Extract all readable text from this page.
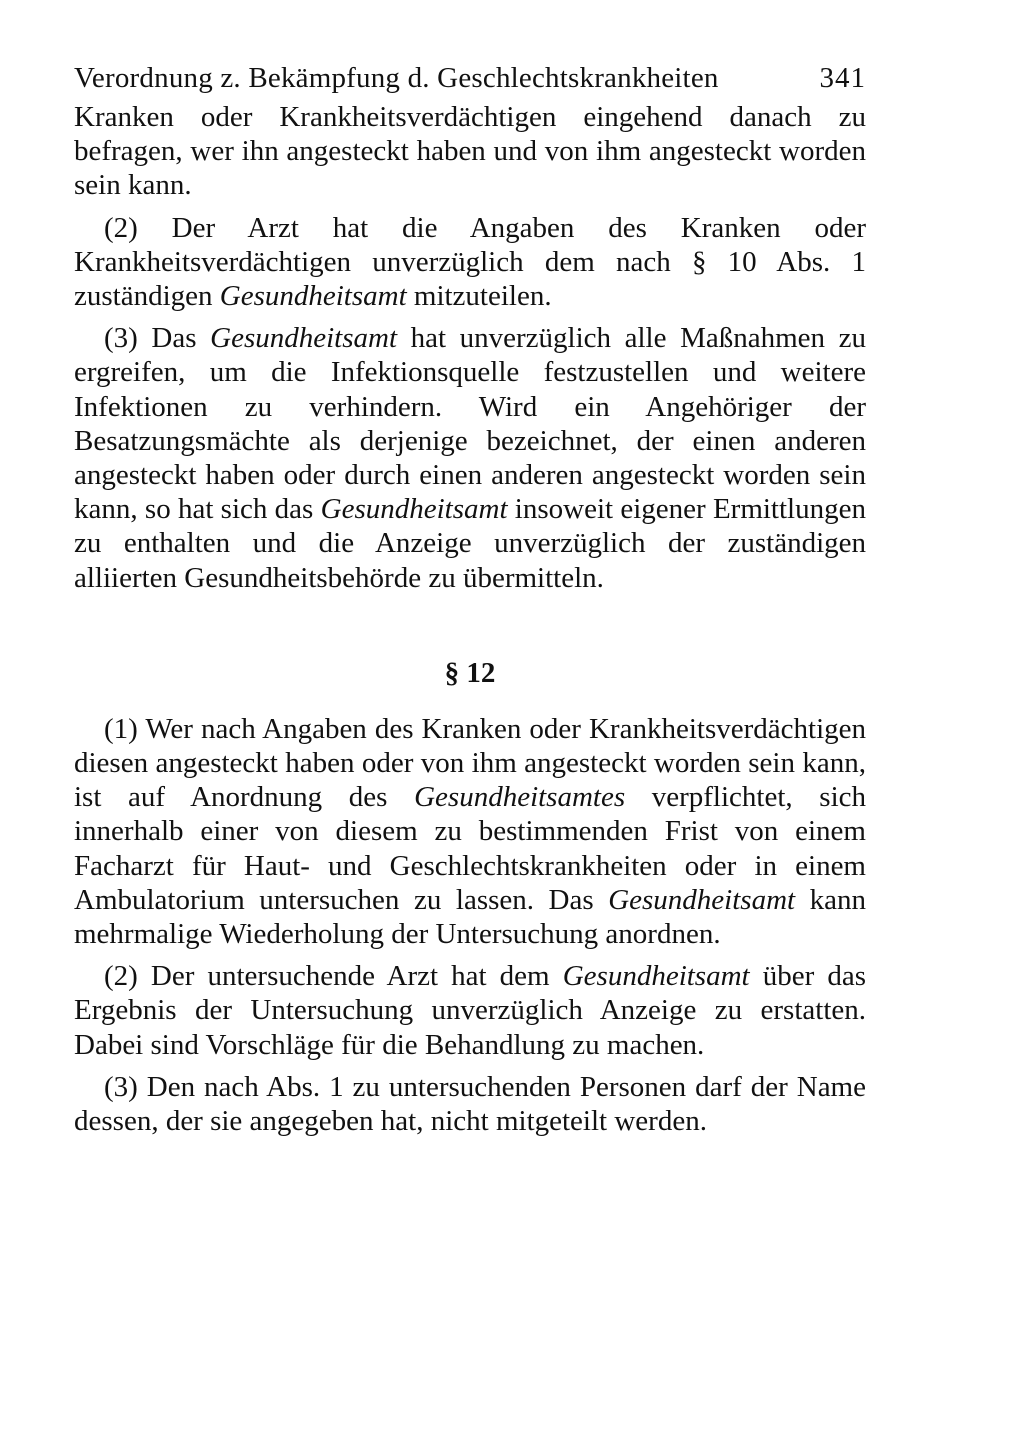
Verordnung z. Bekämpfung d. Geschlechtskrankheiten	341

Kranken oder Krankheitsverdächtigen eingehend danach zu befragen, wer ihn angesteckt haben und von ihm angesteckt worden sein kann.

(2) Der Arzt hat die Angaben des Kranken oder Krankheitsverdächtigen unverzüglich dem nach § 10 Abs. 1 zuständigen Gesundheitsamt mitzuteilen.

(3) Das Gesundheitsamt hat unverzüglich alle Maßnahmen zu ergreifen, um die Infektionsquelle festzustellen und weitere Infektionen zu verhindern. Wird ein Angehöriger der Besatzungsmächte als derjenige bezeichnet, der einen anderen angesteckt haben oder durch einen anderen angesteckt worden sein kann, so hat sich das Gesundheitsamt insoweit eigener Ermittlungen zu enthalten und die Anzeige unverzüglich der zuständigen alliierten Gesundheitsbehörde zu übermitteln.

§ 12

(1) Wer nach Angaben des Kranken oder Krankheitsverdächtigen diesen angesteckt haben oder von ihm angesteckt worden sein kann, ist auf Anordnung des Gesundheitsamtes verpflichtet, sich innerhalb einer von diesem zu bestimmenden Frist von einem Facharzt für Haut- und Geschlechtskrankheiten oder in einem Ambulatorium untersuchen zu lassen. Das Gesundheitsamt kann mehrmalige Wiederholung der Untersuchung anordnen.

(2) Der untersuchende Arzt hat dem Gesundheitsamt über das Ergebnis der Untersuchung unverzüglich Anzeige zu erstatten. Dabei sind Vorschläge für die Behandlung zu machen.

(3) Den nach Abs. 1 zu untersuchenden Personen darf der Name dessen, der sie angegeben hat, nicht mitgeteilt werden.
